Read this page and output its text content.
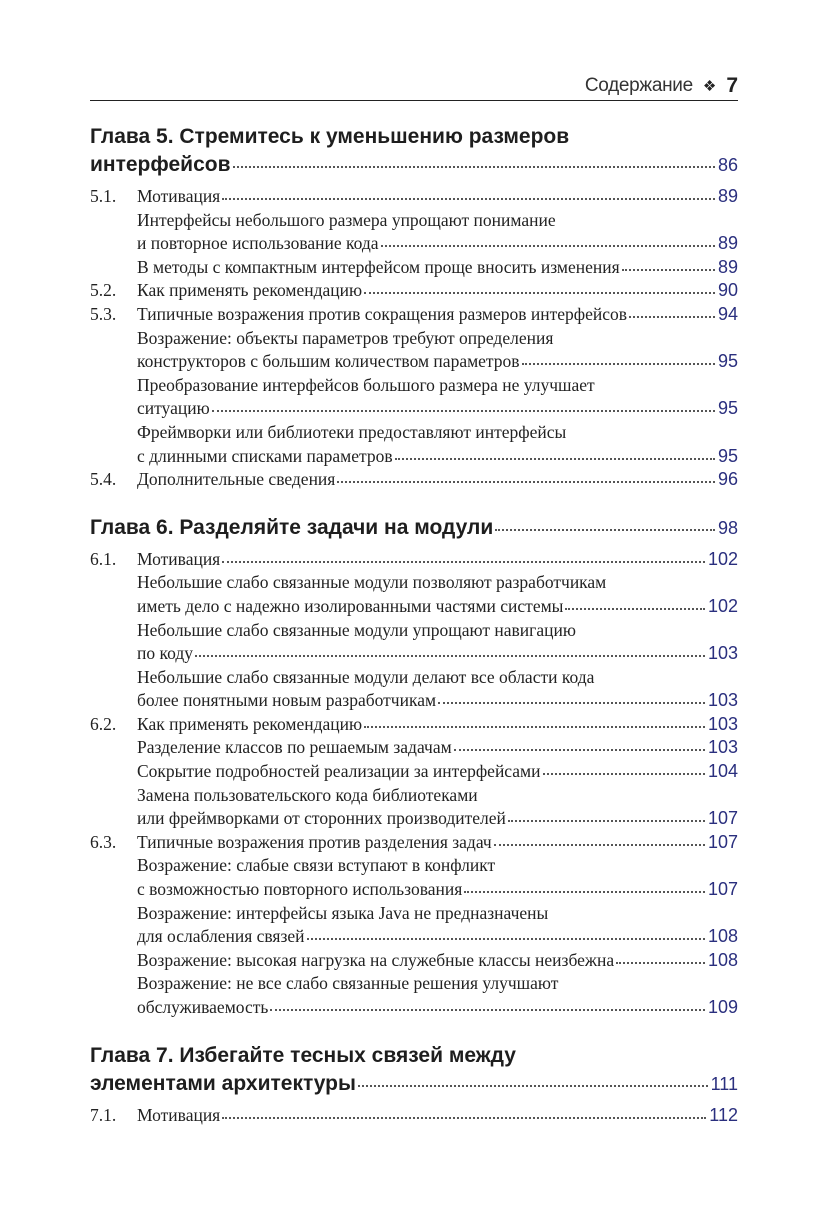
Содержание ❖ 7
Глава 5. Стремитесь к уменьшению размеров
интерфейсов	86
5.1. Мотивация	89
Интерфейсы небольшого размера упрощают понимание
и повторное использование кода	89
В методы с компактным интерфейсом проще вносить изменения	89
5.2. Как применять рекомендацию	90
5.3. Типичные возражения против сокращения размеров интерфейсов	94
Возражение: объекты параметров требуют определения
конструкторов с большим количеством параметров	95
Преобразование интерфейсов большого размера не улучшает
ситуацию	95
Фреймворки или библиотеки предоставляют интерфейсы
с длинными списками параметров	95
5.4. Дополнительные сведения	96
Глава 6. Разделяйте задачи на модули	98
6.1. Мотивация	102
Небольшие слабо связанные модули позволяют разработчикам
иметь дело с надежно изолированными частями системы	102
Небольшие слабо связанные модули упрощают навигацию
по коду	103
Небольшие слабо связанные модули делают все области кода
более понятными новым разработчикам	103
6.2. Как применять рекомендацию	103
Разделение классов по решаемым задачам	103
Сокрытие подробностей реализации за интерфейсами	104
Замена пользовательского кода библиотеками
или фреймворками от сторонних производителей	107
6.3. Типичные возражения против разделения задач	107
Возражение: слабые связи вступают в конфликт
с возможностью повторного использования	107
Возражение: интерфейсы языка Java не предназначены
для ослабления связей	108
Возражение: высокая нагрузка на служебные классы неизбежна	108
Возражение: не все слабо связанные решения улучшают
обслуживаемость	109
Глава 7. Избегайте тесных связей между
элементами архитектуры	111
7.1. Мотивация	112
